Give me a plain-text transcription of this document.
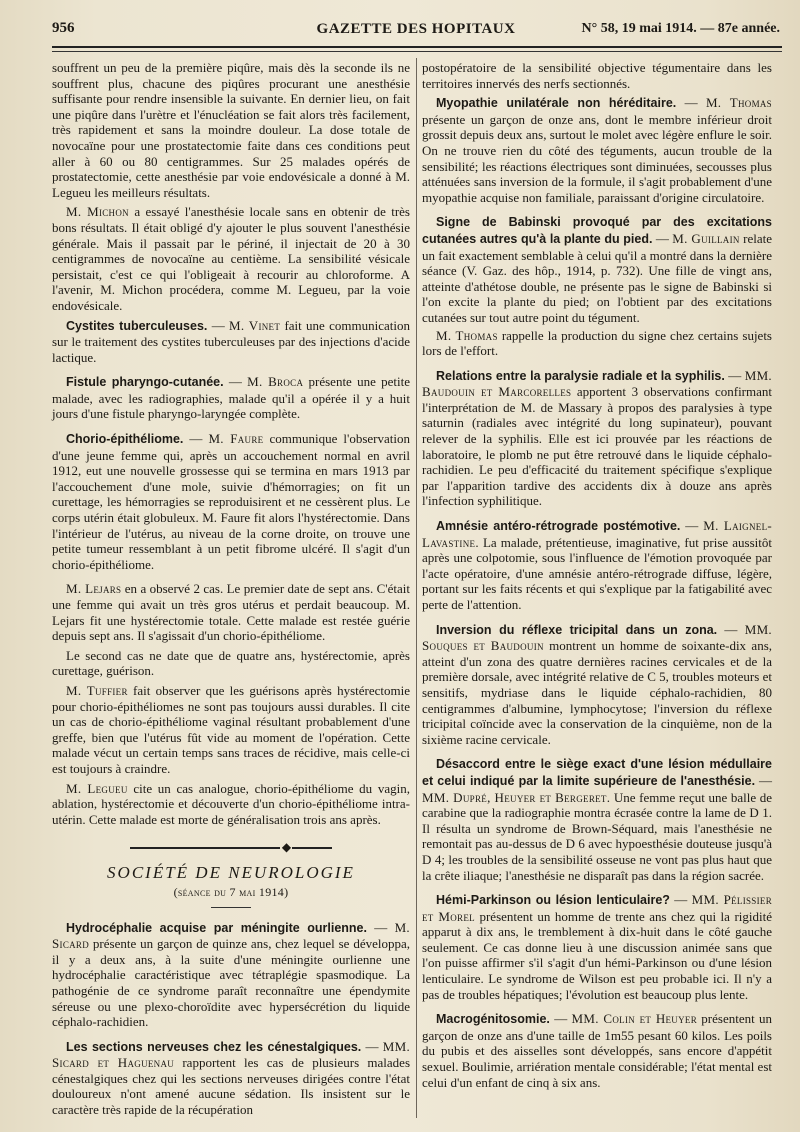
956	GAZETTE DES HOPITAUX	N° 58, 19 mai 1914. — 87e année.

souffrent un peu de la première piqûre, mais dès la seconde ils ne souffrent plus, chacune des piqûres procurant une anesthésie suffisante pour rendre insensible la suivante. En dernier lieu, on fait une piqûre dans l'urètre et l'énucléation se fait alors très facilement, très rapidement et sans la moindre douleur. La dose totale de novocaïne pour une prostatectomie faite dans ces conditions peut aller à 60 ou 80 centigrammes. Sur 25 malades opérés de prostatectomie, cette anesthésie par voie endovésicale a donné à M. Legueu les meilleurs résultats.

M. Michon a essayé l'anesthésie locale sans en obtenir de très bons résultats. Il était obligé d'y ajouter le plus souvent l'anesthésie générale. Mais il passait par le périné, il injectait de 20 à 30 centigrammes de novocaïne au centième. La sensibilité vésicale persistait, c'est ce qui l'obligeait à recourir au chloroforme. A l'avenir, M. Michon procédera, comme M. Legueu, par la voie endovésicale.

Cystites tuberculeuses. — M. Vinet fait une communication sur le traitement des cystites tuberculeuses par des injections d'acide lactique.

Fistule pharyngo-cutanée. — M. Broca présente une petite malade, avec les radiographies, malade qu'il a opérée il y a huit jours d'une fistule pharyngo-laryngée complète.

Chorio-épithéliome. — M. Faure communique l'observation d'une jeune femme qui, après un accouchement normal en avril 1912, eut une nouvelle grossesse qui se termina en mars 1913 par l'accouchement d'une mole, suivie d'hémorragies; on fit un curettage, les hémorragies se reproduisirent et ne cessèrent plus. Le corps utérin était globuleux. M. Faure fit alors l'hystérectomie. Dans l'intérieur de l'utérus, au niveau de la corne droite, on trouve une petite tumeur ressemblant à un petit fibrome ulcéré. Il s'agit d'un chorio-épithéliome.

M. Lejars en a observé 2 cas. Le premier date de sept ans. C'était une femme qui avait un très gros utérus et perdait beaucoup. M. Lejars fit une hystérectomie totale. Cette malade est restée guérie depuis sept ans. Il s'agissait d'un chorio-épithéliome.

Le second cas ne date que de quatre ans, hystérectomie, après curettage, guérison.

M. Tuffier fait observer que les guérisons après hystérectomie pour chorio-épithéliomes ne sont pas toujours aussi durables. Il cite un cas de chorio-épithéliome vaginal résultant probablement d'une greffe, bien que l'utérus fût vide au moment de l'opération. Cette malade vécut un certain temps sans traces de récidive, mais celle-ci est toujours à craindre.

M. Legueu cite un cas analogue, chorio-épithéliome du vagin, ablation, hystérectomie et découverte d'un chorio-épithéliome intra-utérin. Cette malade est morte de généralisation trois ans après.

◆

SOCIÉTÉ DE NEUROLOGIE

(séance du 7 mai 1914)

Hydrocéphalie acquise par méningite ourlienne. — M. Sicard présente un garçon de quinze ans, chez lequel se développa, il y a deux ans, à la suite d'une méningite ourlienne une hydrocéphalie caractéristique avec tétraplégie spasmodique. La pathogénie de ce syndrome paraît reconnaître une épendymite séreuse ou une plexo-choroïdite avec hypersécrétion du liquide céphalo-rachidien.

Les sections nerveuses chez les cénestalgiques. — MM. Sicard et Haguenau rapportent les cas de plusieurs malades cénestalgiques chez qui les sections nerveuses dirigées contre l'état douloureux n'ont amené aucune sédation. Ils insistent sur le caractère très rapide de la récupération

postopératoire de la sensibilité objective tégumentaire dans les territoires innervés des nerfs sectionnés.

Myopathie unilatérale non héréditaire. — M. Thomas présente un garçon de onze ans, dont le membre inférieur droit grossit depuis deux ans, surtout le molet avec légère enflure le soir. On ne trouve rien du côté des téguments, aucun trouble de la sensibilité; les réactions électriques sont diminuées, secousses plus atténuées sans inversion de la formule, il s'agit probablement d'une myopathie acquise non familiale, paraissant d'origine circulatoire.

Signe de Babinski provoqué par des excitations cutanées autres qu'à la plante du pied. — M. Guillain relate un fait exactement semblable à celui qu'il a montré dans la dernière séance (V. Gaz. des hôp., 1914, p. 732). Une fille de vingt ans, atteinte d'athétose double, ne présente pas le signe de Babinski si l'on excite la plante du pied; on l'obtient par des excitations cutanées sur tout autre point du tégument.

M. Thomas rappelle la production du signe chez certains sujets lors de l'effort.

Relations entre la paralysie radiale et la syphilis. — MM. Baudouin et Marcorelles apportent 3 observations confirmant l'interprétation de M. de Massary à propos des paralysies à type saturnin (radiales avec intégrité du long supinateur), pouvant relever de la syphilis. Elle est ici prouvée par les réactions de laboratoire, le plomb ne put être retrouvé dans le liquide céphalo-rachidien. Le peu d'efficacité du traitement spécifique s'explique par l'apparition tardive des accidents dix à douze ans après l'infection syphilitique.

Amnésie antéro-rétrograde postémotive. — M. Laignel-Lavastine. La malade, prétentieuse, imaginative, fut prise aussitôt après une colpotomie, sous l'influence de l'émotion provoquée par l'acte opératoire, d'une amnésie antéro-rétrograde diffuse, légère, portant sur les faits récents et qui s'explique par la fatigabilité avec perte de l'attention.

Inversion du réflexe tricipital dans un zona. — MM. Souques et Baudouin montrent un homme de soixante-dix ans, atteint d'un zona des quatre dernières racines cervicales et de la première dorsale, avec intégrité relative de C 5, troubles moteurs et sensitifs, mydriase dans le liquide céphalo-rachidien, 80 centigrammes d'albumine, lymphocytose; l'inversion du réflexe tricipital coïncide avec la conservation de la cinquième, non de la sixième racine cervicale.

Désaccord entre le siège exact d'une lésion médullaire et celui indiqué par la limite supérieure de l'anesthésie. — MM. Dupré, Heuyer et Bergeret. Une femme reçut une balle de carabine que la radiographie montra écrasée contre la lame de D 1. Il résulta un syndrome de Brown-Séquard, mais l'anesthésie ne remontait pas au-dessus de D 6 avec hypoesthésie douteuse jusqu'à D 4; les troubles de la sensibilité osseuse ne vont pas plus haut que la crête iliaque; l'anesthésie ne disparaît pas dans la région sacrée.

Hémi-Parkinson ou lésion lenticulaire? — MM. Pélissier et Morel présentent un homme de trente ans chez qui la rigidité apparut à dix ans, le tremblement à dix-huit dans le côté gauche seulement. Ce cas donne lieu à une discussion animée sans que l'on puisse affirmer s'il s'agit d'un hémi-Parkinson ou d'une lésion lenticulaire. Le syndrome de Wilson est peu probable ici. Il n'y a pas de troubles hépatiques; l'évolution est beaucoup plus lente.

Macrogénitosomie. — MM. Colin et Heuyer présentent un garçon de onze ans d'une taille de 1m55 pesant 60 kilos. Les poils du pubis et des aisselles sont développés, sans encore d'appétit sexuel. Boulimie, arriération mentale considérable; l'état mental est celui d'un enfant de cinq à six ans.
